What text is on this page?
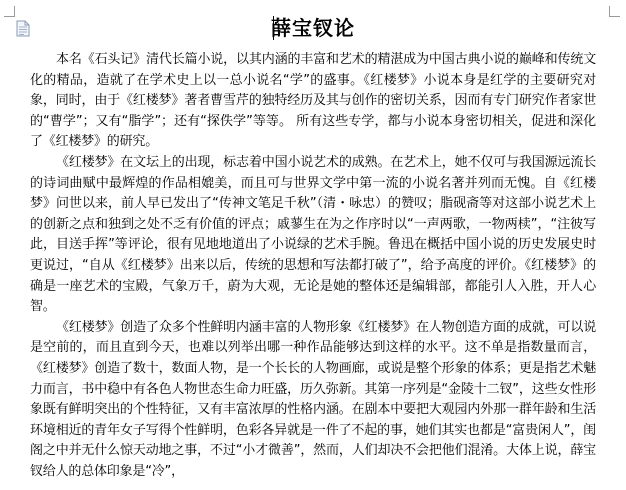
薛宝钗论

本名《石头记》清代长篇小说，以其内涵的丰富和艺术的精湛成为中国古典小说的巅峰和传统文化的精品，造就了在学术史上以一总小说名“学”的盛事。《红楼梦》小说本身是红学的主要研究对象，同时，由于《红楼梦》著者曹雪芹的独特经历及其与创作的密切关系，因而有专门研究作者家世的“曹学”；又有“脂学”；还有“探佚学”等等。 所有这些专学，都与小说本身密切相关，促进和深化了《红楼梦》的研究。

《红楼梦》在文坛上的出现，标志着中国小说艺术的成熟。在艺术上，她不仅可与我国源远流长的诗词曲赋中最辉煌的作品相媲美，而且可与世界文学中第一流的小说名著并列而无愧。自《红楼梦》问世以来，前人早已发出了“传神文笔足千秋”（清・咏忠）的赞叹；脂砚斋等对这部小说艺术上的创新之点和独到之处不乏有价值的评点；戚蓼生在为之作序时以“一声两歌，一物两椟”，“注彼写此，目送手挥”等评论，很有见地地道出了小说绿的艺术手腕。鲁迅在概括中国小说的历史发展史时更说过，“自从《红楼梦》出来以后，传统的思想和写法都打破了”，给予高度的评价。《红楼梦》的确是一座艺术的宝殿，气象万千，蔚为大观，无论是她的整体还是编辑部，都能引人入胜，开人心智。

《红楼梦》创造了众多个性鲜明内涵丰富的人物形象《红楼梦》在人物创造方面的成就，可以说是空前的，而且直到今天，也难以列举出哪一种作品能够达到这样的水平。这不单是指数量而言，《红楼梦》创造了数十，数面人物，是一个长长的人物画廊，或说是整个形象的体系；更是指艺术魅力而言，书中稳中有各色人物世态生命力旺盛，历久弥新。其第一序列是“金陵十二钗”，这些女性形象既有鲜明突出的个性特征，又有丰富浓厚的性格内涵。在剧本中要把大观园内外那一群年龄和生活环境相近的青年女子写得个性鲜明，色彩各异就是一件了不起的事，她们其实也都是“富贵闲人”，闺阁之中并无什么惊天动地之事，不过“小才微善”，然而，人们却决不会把他们混淆。大体上说，薛宝钗给人的总体印象是“冷”，
